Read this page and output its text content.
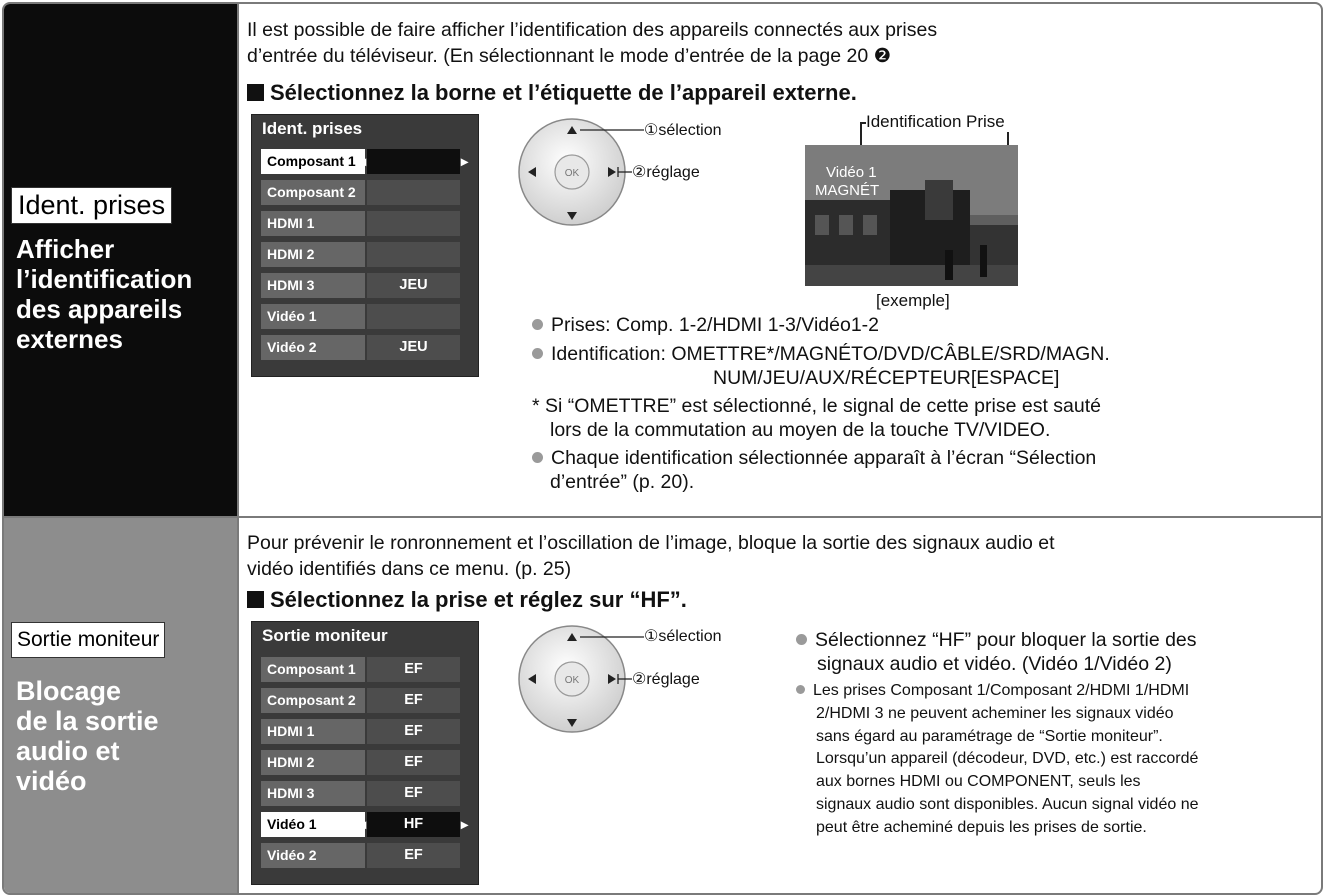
Ident. prises
Afficher
l’identification
des appareils
externes
Il est possible de faire afficher l’identification des appareils connectés aux prises
d’entrée du téléviseur. (En sélectionnant le mode d’entrée de la page 20 ❷
Sélectionnez la borne et l’étiquette de l’appareil externe.
Ident. prises
Composant 1
◂ ▸
Composant 2
HDMI 1
HDMI 2
HDMI 3	JEU
Vidéo 1
Vidéo 2	JEU
OK
①sélection
②réglage
Identification Prise
Vidéo 1
MAGNÉT
[exemple]
Prises: Comp. 1-2/HDMI 1-3/Vidéo1-2
Identification: OMETTRE*/MAGNÉTO/DVD/CÂBLE/SRD/MAGN.
NUM/JEU/AUX/RÉCEPTEUR[ESPACE]
* Si “OMETTRE” est sélectionné, le signal de cette prise est sauté
lors de la commutation au moyen de la touche TV/VIDEO.
Chaque identification sélectionnée apparaît à l’écran “Sélection
d’entrée” (p. 20).
Sortie moniteur
Blocage
de la sortie
audio et
vidéo
Pour prévenir le ronronnement et l’oscillation de l’image, bloque la sortie des signaux audio et
vidéo identifiés dans ce menu. (p. 25)
Sélectionnez la prise et réglez sur “HF”.
Sortie moniteur
Composant 1	EF
Composant 2	EF
HDMI 1	EF
HDMI 2	EF
HDMI 3	EF
Vidéo 1
◂	HF ▸
Vidéo 2	EF
OK
①sélection
②réglage
Sélectionnez “HF” pour bloquer la sortie des
signaux audio et vidéo. (Vidéo 1/Vidéo 2)
Les prises Composant 1/Composant 2/HDMI 1/HDMI
2/HDMI 3 ne peuvent acheminer les signaux vidéo
sans égard au paramétrage de “Sortie moniteur”.
Lorsqu’un appareil (décodeur, DVD, etc.) est raccordé
aux bornes HDMI ou COMPONENT, seuls les
signaux audio sont disponibles. Aucun signal vidéo ne
peut être acheminé depuis les prises de sortie.
